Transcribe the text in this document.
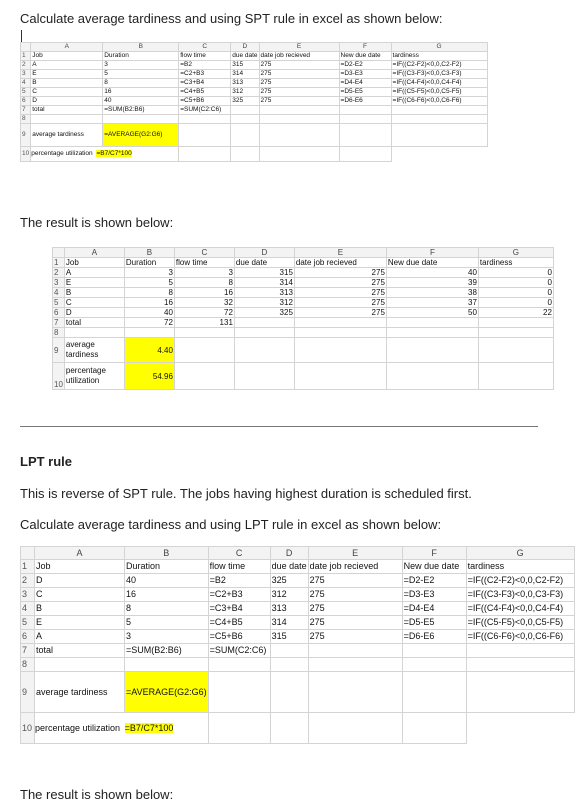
Calculate average tardiness and using SPT rule in excel as shown below:
	A	B	C	D	E	F	G
1	Job	Duration	flow time	due date	date job recieved	New due date	tardiness
2	A	3	=B2	315	275	=D2-E2	=IF((C2-F2)<0,0,C2-F2)
3	E	5	=C2+B3	314	275	=D3-E3	=IF((C3-F3)<0,0,C3-F3)
4	B	8	=C3+B4	313	275	=D4-E4	=IF((C4-F4)<0,0,C4-F4)
5	C	16	=C4+B5	312	275	=D5-E5	=IF((C5-F5)<0,0,C5-F5)
6	D	40	=C5+B6	325	275	=D6-E6	=IF((C6-F6)<0,0,C6-F6)
7	total	=SUM(B2:B6)	=SUM(C2:C6)				
8							
9	average tardiness	=AVERAGE(G2:G6)					
10	percentage utilization =B7/C7*100						
The result is shown below:
	A	B	C	D	E	F	G
1	Job	Duration	flow time	due date	date job recieved	New due date	tardiness
2	A	3	3	315	275	40	0
3	E	5	8	314	275	39	0
4	B	8	16	313	275	38	0
5	C	16	32	312	275	37	0
6	D	40	72	325	275	50	22
7	total	72	131				
8							
9	average tardiness	4.40					
10	percentage utilization	54.96					
LPT rule
This is reverse of SPT rule. The jobs having highest duration is scheduled first.
Calculate average tardiness and using LPT rule in excel as shown below:
	A	B	C	D	E	F	G
1	Job	Duration	flow time	due date	date job recieved	New due date	tardiness
2	D	40	=B2	325	275	=D2-E2	=IF((C2-F2)<0,0,C2-F2)
3	C	16	=C2+B3	312	275	=D3-E3	=IF((C3-F3)<0,0,C3-F3)
4	B	8	=C3+B4	313	275	=D4-E4	=IF((C4-F4)<0,0,C4-F4)
5	E	5	=C4+B5	314	275	=D5-E5	=IF((C5-F5)<0,0,C5-F5)
6	A	3	=C5+B6	315	275	=D6-E6	=IF((C6-F6)<0,0,C6-F6)
7	total	=SUM(B2:B6)	=SUM(C2:C6)				
8							
9	average tardiness	=AVERAGE(G2:G6)					
10	percentage utilization =B7/C7*100						
The result is shown below:
